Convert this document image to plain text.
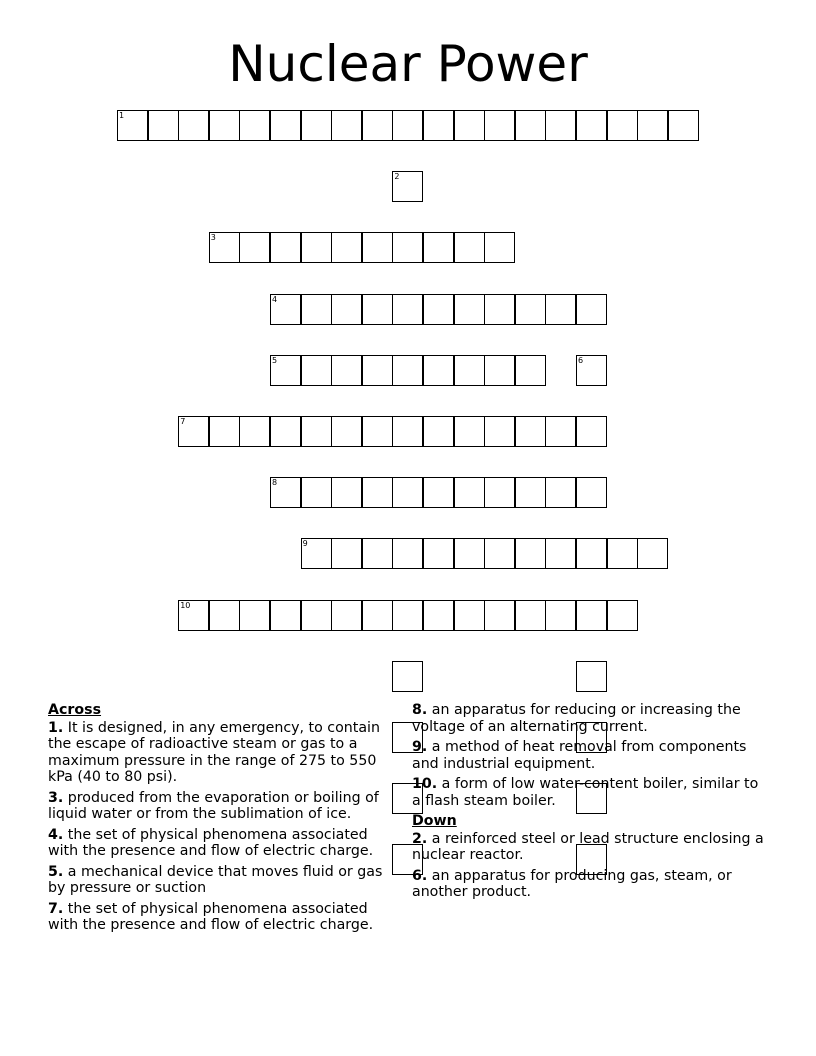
Nuclear Power
1
2
3
4
5	6
7
8
9
10
Across
1. It is designed, in any emergency, to contain the escape of radioactive steam or gas to a maximum pressure in the range of 275 to 550 kPa (40 to 80 psi).
3. produced from the evaporation or boiling of liquid water or from the sublimation of ice.
4. the set of physical phenomena associated with the presence and flow of electric charge.
5. a mechanical device that moves fluid or gas by pressure or suction
7. the set of physical phenomena associated with the presence and flow of electric charge.
8. an apparatus for reducing or increasing the voltage of an alternating current.
9. a method of heat removal from components and industrial equipment.
10. a form of low water-content boiler, similar to a flash steam boiler.
Down
2. a reinforced steel or lead structure enclosing a nuclear reactor.
6. an apparatus for producing gas, steam, or another product.
